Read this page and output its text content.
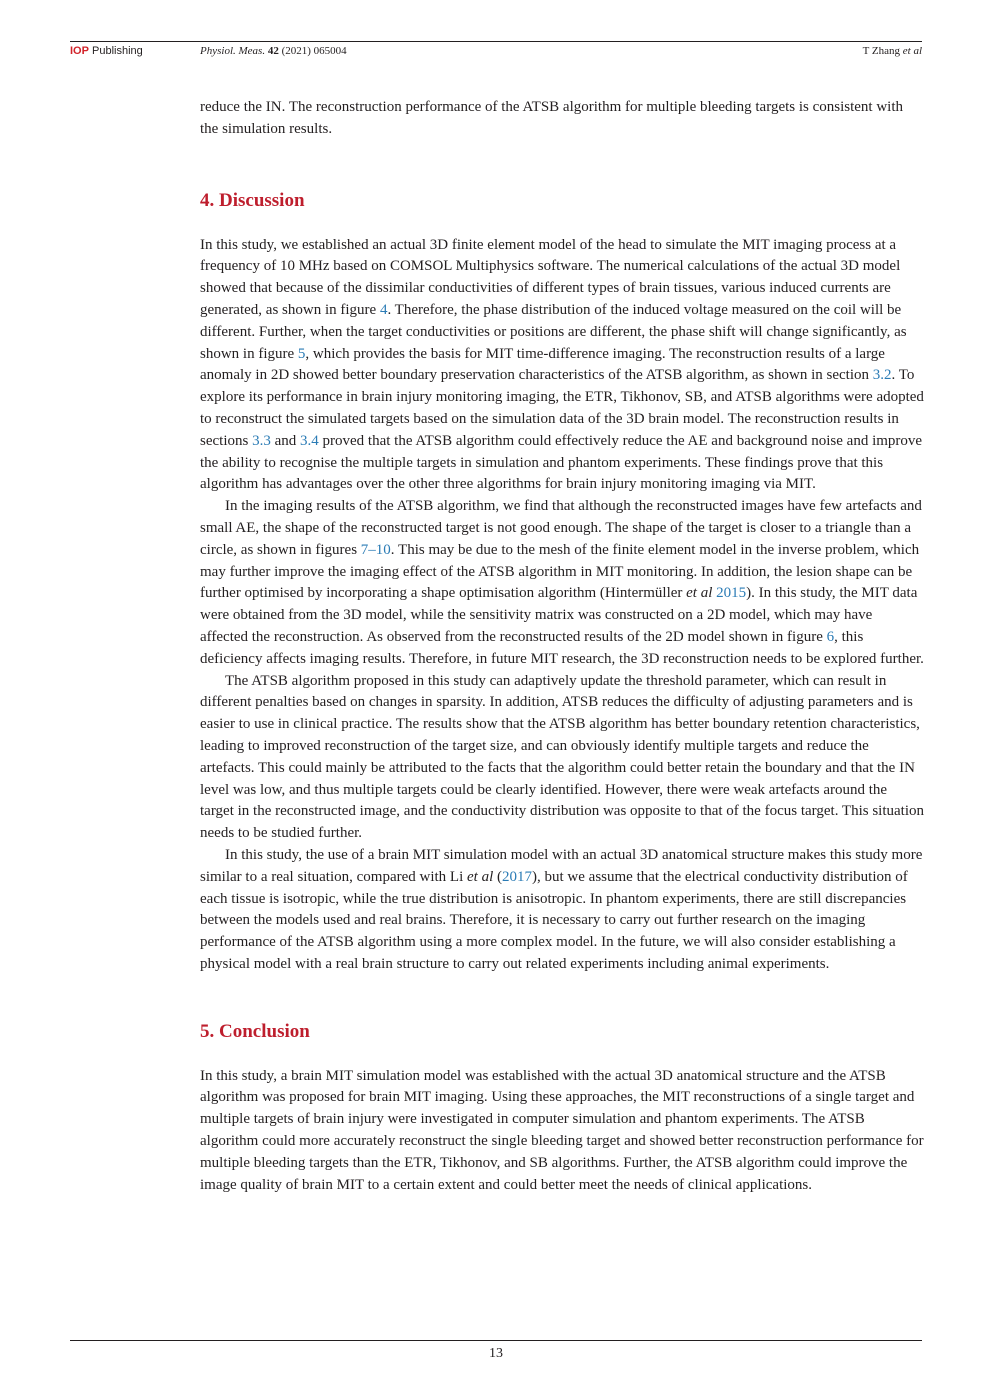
IOP Publishing	Physiol. Meas. 42 (2021) 065004	T Zhang et al

reduce the IN. The reconstruction performance of the ATSB algorithm for multiple bleeding targets is consistent with the simulation results.

4. Discussion

In this study, we established an actual 3D finite element model of the head to simulate the MIT imaging process at a frequency of 10 MHz based on COMSOL Multiphysics software. The numerical calculations of the actual 3D model showed that because of the dissimilar conductivities of different types of brain tissues, various induced currents are generated, as shown in figure 4. Therefore, the phase distribution of the induced voltage measured on the coil will be different. Further, when the target conductivities or positions are different, the phase shift will change significantly, as shown in figure 5, which provides the basis for MIT time-difference imaging. The reconstruction results of a large anomaly in 2D showed better boundary preservation characteristics of the ATSB algorithm, as shown in section 3.2. To explore its performance in brain injury monitoring imaging, the ETR, Tikhonov, SB, and ATSB algorithms were adopted to reconstruct the simulated targets based on the simulation data of the 3D brain model. The reconstruction results in sections 3.3 and 3.4 proved that the ATSB algorithm could effectively reduce the AE and background noise and improve the ability to recognise the multiple targets in simulation and phantom experiments. These findings prove that this algorithm has advantages over the other three algorithms for brain injury monitoring imaging via MIT.

In the imaging results of the ATSB algorithm, we find that although the reconstructed images have few artefacts and small AE, the shape of the reconstructed target is not good enough. The shape of the target is closer to a triangle than a circle, as shown in figures 7–10. This may be due to the mesh of the finite element model in the inverse problem, which may further improve the imaging effect of the ATSB algorithm in MIT monitoring. In addition, the lesion shape can be further optimised by incorporating a shape optimisation algorithm (Hintermüller et al 2015). In this study, the MIT data were obtained from the 3D model, while the sensitivity matrix was constructed on a 2D model, which may have affected the reconstruction. As observed from the reconstructed results of the 2D model shown in figure 6, this deficiency affects imaging results. Therefore, in future MIT research, the 3D reconstruction needs to be explored further.

The ATSB algorithm proposed in this study can adaptively update the threshold parameter, which can result in different penalties based on changes in sparsity. In addition, ATSB reduces the difficulty of adjusting parameters and is easier to use in clinical practice. The results show that the ATSB algorithm has better boundary retention characteristics, leading to improved reconstruction of the target size, and can obviously identify multiple targets and reduce the artefacts. This could mainly be attributed to the facts that the algorithm could better retain the boundary and that the IN level was low, and thus multiple targets could be clearly identified. However, there were weak artefacts around the target in the reconstructed image, and the conductivity distribution was opposite to that of the focus target. This situation needs to be studied further.

In this study, the use of a brain MIT simulation model with an actual 3D anatomical structure makes this study more similar to a real situation, compared with Li et al (2017), but we assume that the electrical conductivity distribution of each tissue is isotropic, while the true distribution is anisotropic. In phantom experiments, there are still discrepancies between the models used and real brains. Therefore, it is necessary to carry out further research on the imaging performance of the ATSB algorithm using a more complex model. In the future, we will also consider establishing a physical model with a real brain structure to carry out related experiments including animal experiments.

5. Conclusion

In this study, a brain MIT simulation model was established with the actual 3D anatomical structure and the ATSB algorithm was proposed for brain MIT imaging. Using these approaches, the MIT reconstructions of a single target and multiple targets of brain injury were investigated in computer simulation and phantom experiments. The ATSB algorithm could more accurately reconstruct the single bleeding target and showed better reconstruction performance for multiple bleeding targets than the ETR, Tikhonov, and SB algorithms. Further, the ATSB algorithm could improve the image quality of brain MIT to a certain extent and could better meet the needs of clinical applications.

13
